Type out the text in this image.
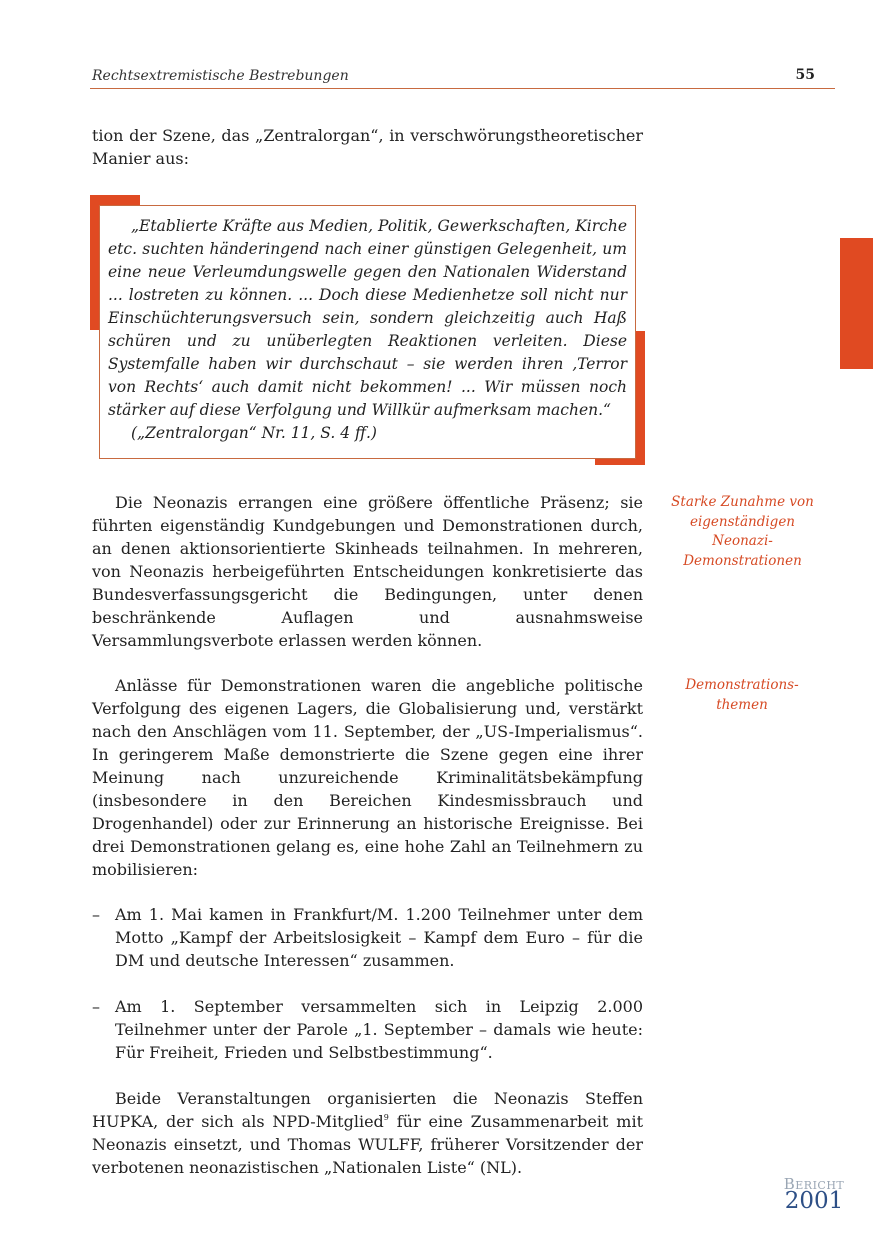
Rechtsextremistische Bestrebungen	55
tion der Szene, das „Zentralorgan“, in verschwörungstheoretischer Manier aus:

„Etablierte Kräfte aus Medien, Politik, Gewerkschaften, Kirche etc. suchten händeringend nach einer günstigen Gelegenheit, um eine neue Verleumdungswelle gegen den Nationalen Widerstand ... lostreten zu können. ... Doch diese Medienhetze soll nicht nur Einschüchterungsversuch sein, sondern gleichzeitig auch Haß schüren und zu unüberlegten Reaktionen verleiten. Diese Systemfalle haben wir durchschaut – sie werden ihren ‚Terror von Rechts‘ auch damit nicht bekommen! ... Wir müssen noch stärker auf diese Verfolgung und Willkür aufmerksam machen.“

(„Zentralorgan“ Nr. 11, S. 4 ff.)

Die Neonazis errangen eine größere öffentliche Präsenz; sie führten eigenständig Kundgebungen und Demonstrationen durch, an denen aktionsorientierte Skinheads teilnahmen. In mehreren, von Neonazis herbeigeführten Entscheidungen konkretisierte das Bundesverfassungsgericht die Bedingungen, unter denen beschränkende Auflagen und ausnahmsweise Versammlungsverbote erlassen werden können.
Starke Zunahme von eigenständigen Neonazi-Demonstrationen
Anlässe für Demonstrationen waren die angebliche politische Verfolgung des eigenen Lagers, die Globalisierung und, verstärkt nach den Anschlägen vom 11. September, der „US-Imperialismus“. In geringerem Maße demonstrierte die Szene gegen eine ihrer Meinung nach unzureichende Kriminalitätsbekämpfung (insbesondere in den Bereichen Kindesmissbrauch und Drogenhandel) oder zur Erinnerung an historische Ereignisse. Bei drei Demonstrationen gelang es, eine hohe Zahl an Teilnehmern zu mobilisieren:
Demonstrations-themen
– Am 1. Mai kamen in Frankfurt/M. 1.200 Teilnehmer unter dem Motto „Kampf der Arbeitslosigkeit – Kampf dem Euro – für die DM und deutsche Interessen“ zusammen.
– Am 1. September versammelten sich in Leipzig 2.000 Teilnehmer unter der Parole „1. September – damals wie heute: Für Freiheit, Frieden und Selbstbestimmung“.
Beide Veranstaltungen organisierten die Neonazis Steffen HUPKA, der sich als NPD-Mitglied$^9$ für eine Zusammenarbeit mit Neonazis einsetzt, und Thomas WULFF, früherer Vorsitzender der verbotenen neonazistischen „Nationalen Liste“ (NL).
Bericht
2001
